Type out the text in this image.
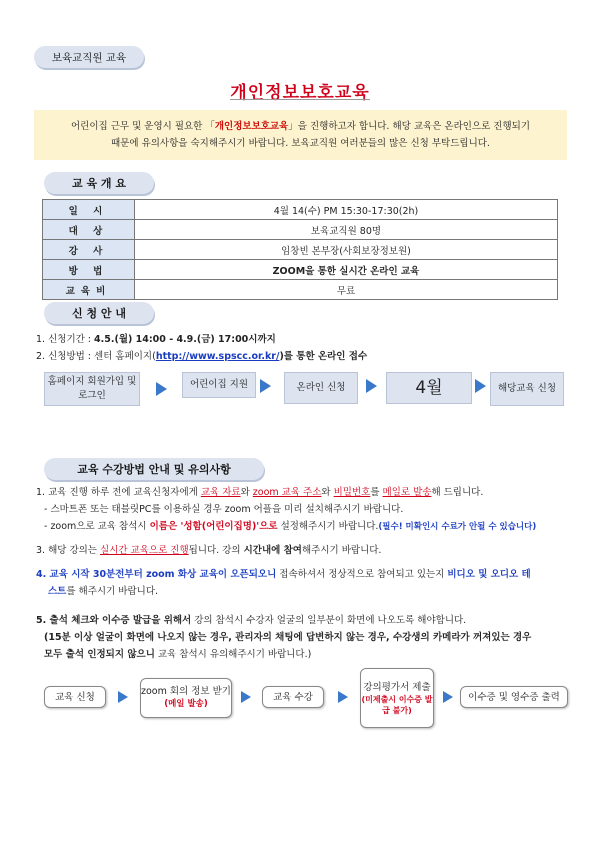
보육교직원 교육
개인정보보호교육
어린이집 근무 및 운영시 필요한 「개인정보보호교육」을 진행하고자 합니다. 해당 교육은 온라인으로 진행되기
때문에 유의사항을 숙지해주시기 바랍니다. 보육교직원 여러분들의 많은 신청 부탁드립니다.
교 육 개 요
일 시	4월 14(수) PM 15:30-17:30(2h)
대 상	보육교직원 80명
강 사	임창빈 본부장(사회보장정보원)
방 법	ZOOM을 통한 실시간 온라인 교육
교육비	무료
신 청 안 내
1. 신청기간 : 4.5.(월) 14:00 - 4.9.(금) 17:00시까지
2. 신청방법 : 센터 홈페이지(http://www.spscc.or.kr/)를 통한 온라인 접수
홈페이지 회원가입 및 로그인
어린이집 지원	온라인 신청	4월	해당교육 신청
교육 수강방법 안내 및 유의사항
1. 교육 진행 하루 전에 교육신청자에게 교육 자료와 zoom 교육 주소와 비밀번호를 메일로 발송해 드립니다.
- 스마트폰 또는 태블릿PC를 이용하실 경우 zoom 어플을 미리 설치해주시기 바랍니다.
- zoom으로 교육 참석시 이름은 '성함(어린이집명)'으로 설정해주시기 바랍니다.(필수! 미확인시 수료가 안될 수 있습니다)
3. 해당 강의는 실시간 교육으로 진행됩니다. 강의 시간내에 참여해주시기 바랍니다.
4. 교육 시작 30분전부터 zoom 화상 교육이 오픈되오니 접속하셔서 정상적으로 참여되고 있는지 비디오 및 오디오 테
스트를 해주시기 바랍니다.
5. 출석 체크와 이수증 발급을 위해서 강의 참석시 수강자 얼굴의 일부분이 화면에 나오도록 해야합니다.
(15분 이상 얼굴이 화면에 나오지 않는 경우, 관리자의 채팅에 답변하지 않는 경우, 수강생의 카메라가 꺼져있는 경우
모두 출석 인정되지 않으니 교육 참석시 유의해주시기 바랍니다.)
교육 신청	zoom 회의 정보 받기
(메일 발송)
교육 수강
강의평가서 제출
(미제출시 이수증 발급 불가)
이수증 및 영수증 출력
